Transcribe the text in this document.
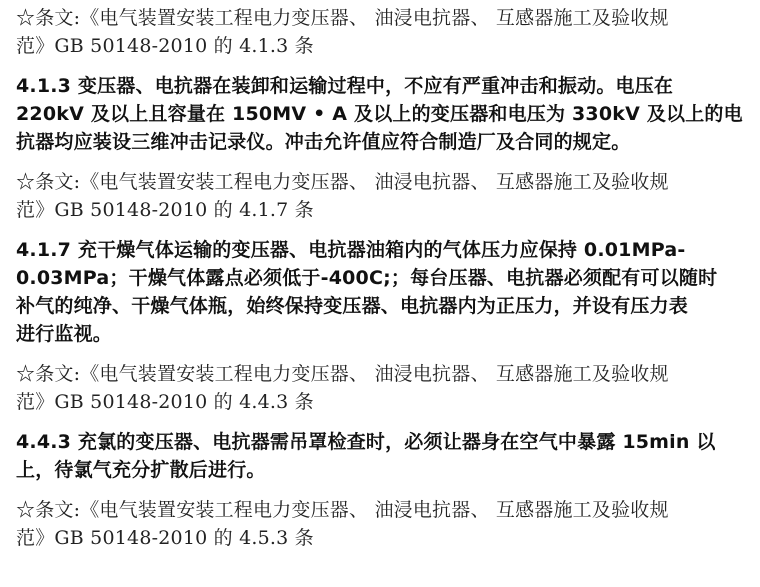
☆条文:《电气装置安装工程电力变压器、 油浸电抗器、 互感器施工及验收规
范》GB 50148-2010 的 4.1.3 条
4.1.3 变压器、电抗器在装卸和运输过程中，不应有严重冲击和振动。电压在
220kV 及以上且容量在 150MV • A 及以上的变压器和电压为 330kV 及以上的电
抗器均应装设三维冲击记录仪。冲击允许值应符合制造厂及合同的规定。
☆条文:《电气装置安装工程电力变压器、 油浸电抗器、 互感器施工及验收规
范》GB 50148-2010 的 4.1.7 条
4.1.7 充干燥气体运输的变压器、电抗器油箱内的气体压力应保持 0.01MPa-
0.03MPa；干燥气体露点必须低于-400C;；每台压器、电抗器必须配有可以随时
补气的纯净、干燥气体瓶，始终保持变压器、电抗器内为正压力，并设有压力表
进行监视。
☆条文:《电气装置安装工程电力变压器、 油浸电抗器、 互感器施工及验收规
范》GB 50148-2010 的 4.4.3 条
4.4.3 充氯的变压器、电抗器需吊罩检查时，必须让器身在空气中暴露 15min 以
上，待氯气充分扩散后进行。
☆条文:《电气装置安装工程电力变压器、 油浸电抗器、 互感器施工及验收规
范》GB 50148-2010 的 4.5.3 条
